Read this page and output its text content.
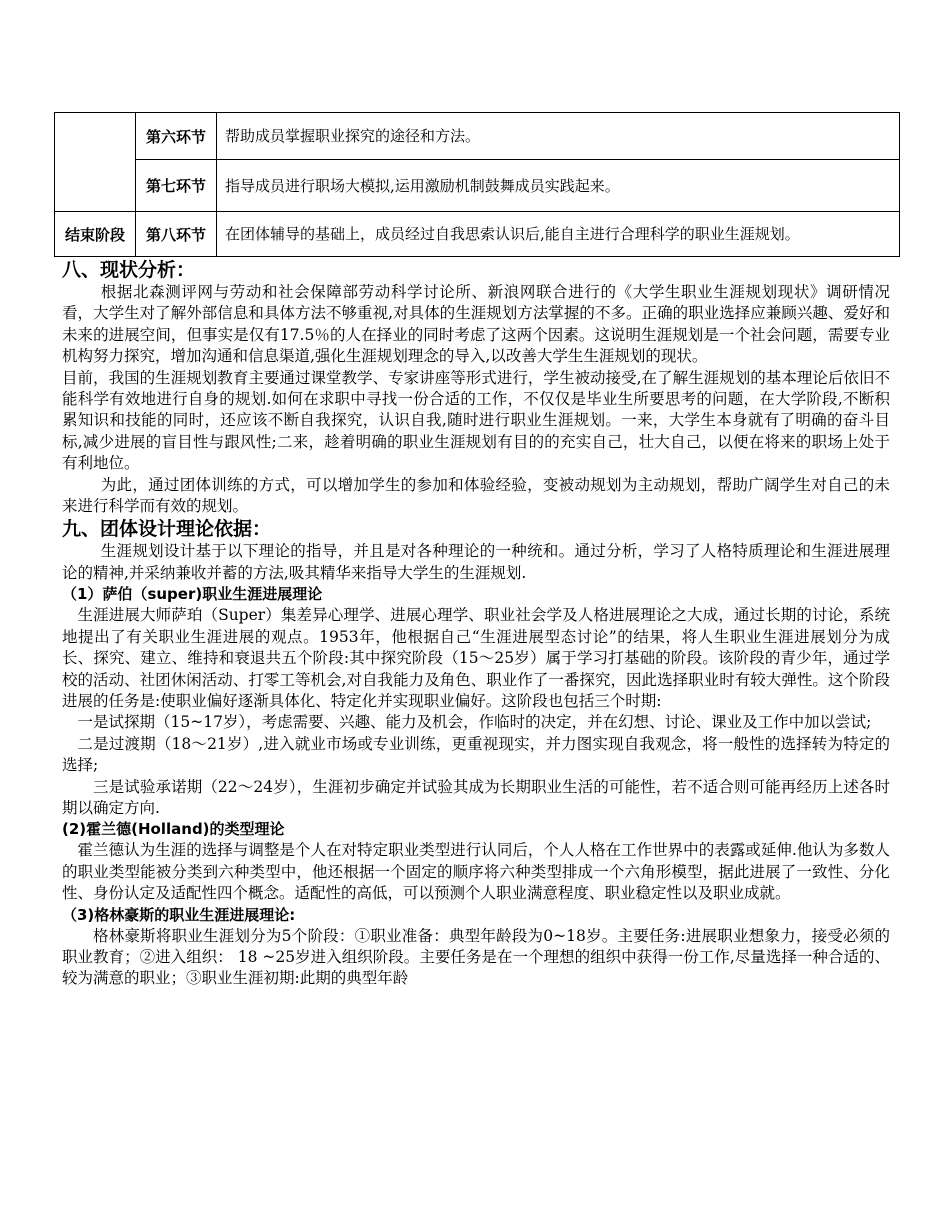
	第六环节	帮助成员掌握职业探究的途径和方法。
	第七环节	指导成员进行职场大模拟,运用激励机制鼓舞成员实践起来。
结束阶段	第八环节	在团体辅导的基础上，成员经过自我思索认识后,能自主进行合理科学的职业生涯规划。
八、现状分析：

根据北森测评网与劳动和社会保障部劳动科学讨论所、新浪网联合进行的《大学生职业生涯规划现状》调研情况看，大学生对了解外部信息和具体方法不够重视,对具体的生涯规划方法掌握的不多。正确的职业选择应兼顾兴趣、爱好和未来的进展空间，但事实是仅有17.5％的人在择业的同时考虑了这两个因素。这说明生涯规划是一个社会问题，需要专业机构努力探究，增加沟通和信息渠道,强化生涯规划理念的导入,以改善大学生生涯规划的现状。

目前，我国的生涯规划教育主要通过课堂教学、专家讲座等形式进行，学生被动接受,在了解生涯规划的基本理论后依旧不能科学有效地进行自身的规划.如何在求职中寻找一份合适的工作，不仅仅是毕业生所要思考的问题，在大学阶段,不断积累知识和技能的同时，还应该不断自我探究，认识自我,随时进行职业生涯规划。一来，大学生本身就有了明确的奋斗目标,减少进展的盲目性与跟风性;二来，趁着明确的职业生涯规划有目的的充实自己，壮大自己，以便在将来的职场上处于有利地位。

为此，通过团体训练的方式，可以增加学生的参加和体验经验，变被动规划为主动规划，帮助广阔学生对自己的未来进行科学而有效的规划。

九、团体设计理论依据：

生涯规划设计基于以下理论的指导，并且是对各种理论的一种统和。通过分析，学习了人格特质理论和生涯进展理论的精神,并采纳兼收并蓄的方法,吸其精华来指导大学生的生涯规划.

（1）萨伯（super)职业生涯进展理论

生涯进展大师萨珀（Super）集差异心理学、进展心理学、职业社会学及人格进展理论之大成，通过长期的讨论，系统地提出了有关职业生涯进展的观点。1953年，他根据自己“生涯进展型态讨论”的结果，将人生职业生涯进展划分为成长、探究、建立、维持和衰退共五个阶段:其中探究阶段（15～25岁）属于学习打基础的阶段。该阶段的青少年，通过学校的活动、社团休闲活动、打零工等机会,对自我能力及角色、职业作了一番探究，因此选择职业时有较大弹性。这个阶段进展的任务是:使职业偏好逐渐具体化、特定化并实现职业偏好。这阶段也包括三个时期:

一是试探期（15~17岁），考虑需要、兴趣、能力及机会，作临时的决定，并在幻想、讨论、课业及工作中加以尝试;

二是过渡期（18～21岁）,进入就业市场或专业训练，更重视现实，并力图实现自我观念，将一般性的选择转为特定的选择;

三是试验承诺期（22～24岁），生涯初步确定并试验其成为长期职业生活的可能性，若不适合则可能再经历上述各时期以确定方向.

(2)霍兰德(Holland)的类型理论

霍兰德认为生涯的选择与调整是个人在对特定职业类型进行认同后，个人人格在工作世界中的表露或延伸.他认为多数人的职业类型能被分类到六种类型中，他还根据一个固定的顺序将六种类型排成一个六角形模型，据此进展了一致性、分化性、身份认定及适配性四个概念。适配性的高低，可以预测个人职业满意程度、职业稳定性以及职业成就。

（3)格林豪斯的职业生涯进展理论:

格林豪斯将职业生涯划分为5个阶段：①职业准备：典型年龄段为0~18岁。主要任务:进展职业想象力，接受必须的职业教育；②进入组织： 18 ~25岁进入组织阶段。主要任务是在一个理想的组织中获得一份工作,尽量选择一种合适的、较为满意的职业；③职业生涯初期:此期的典型年龄
